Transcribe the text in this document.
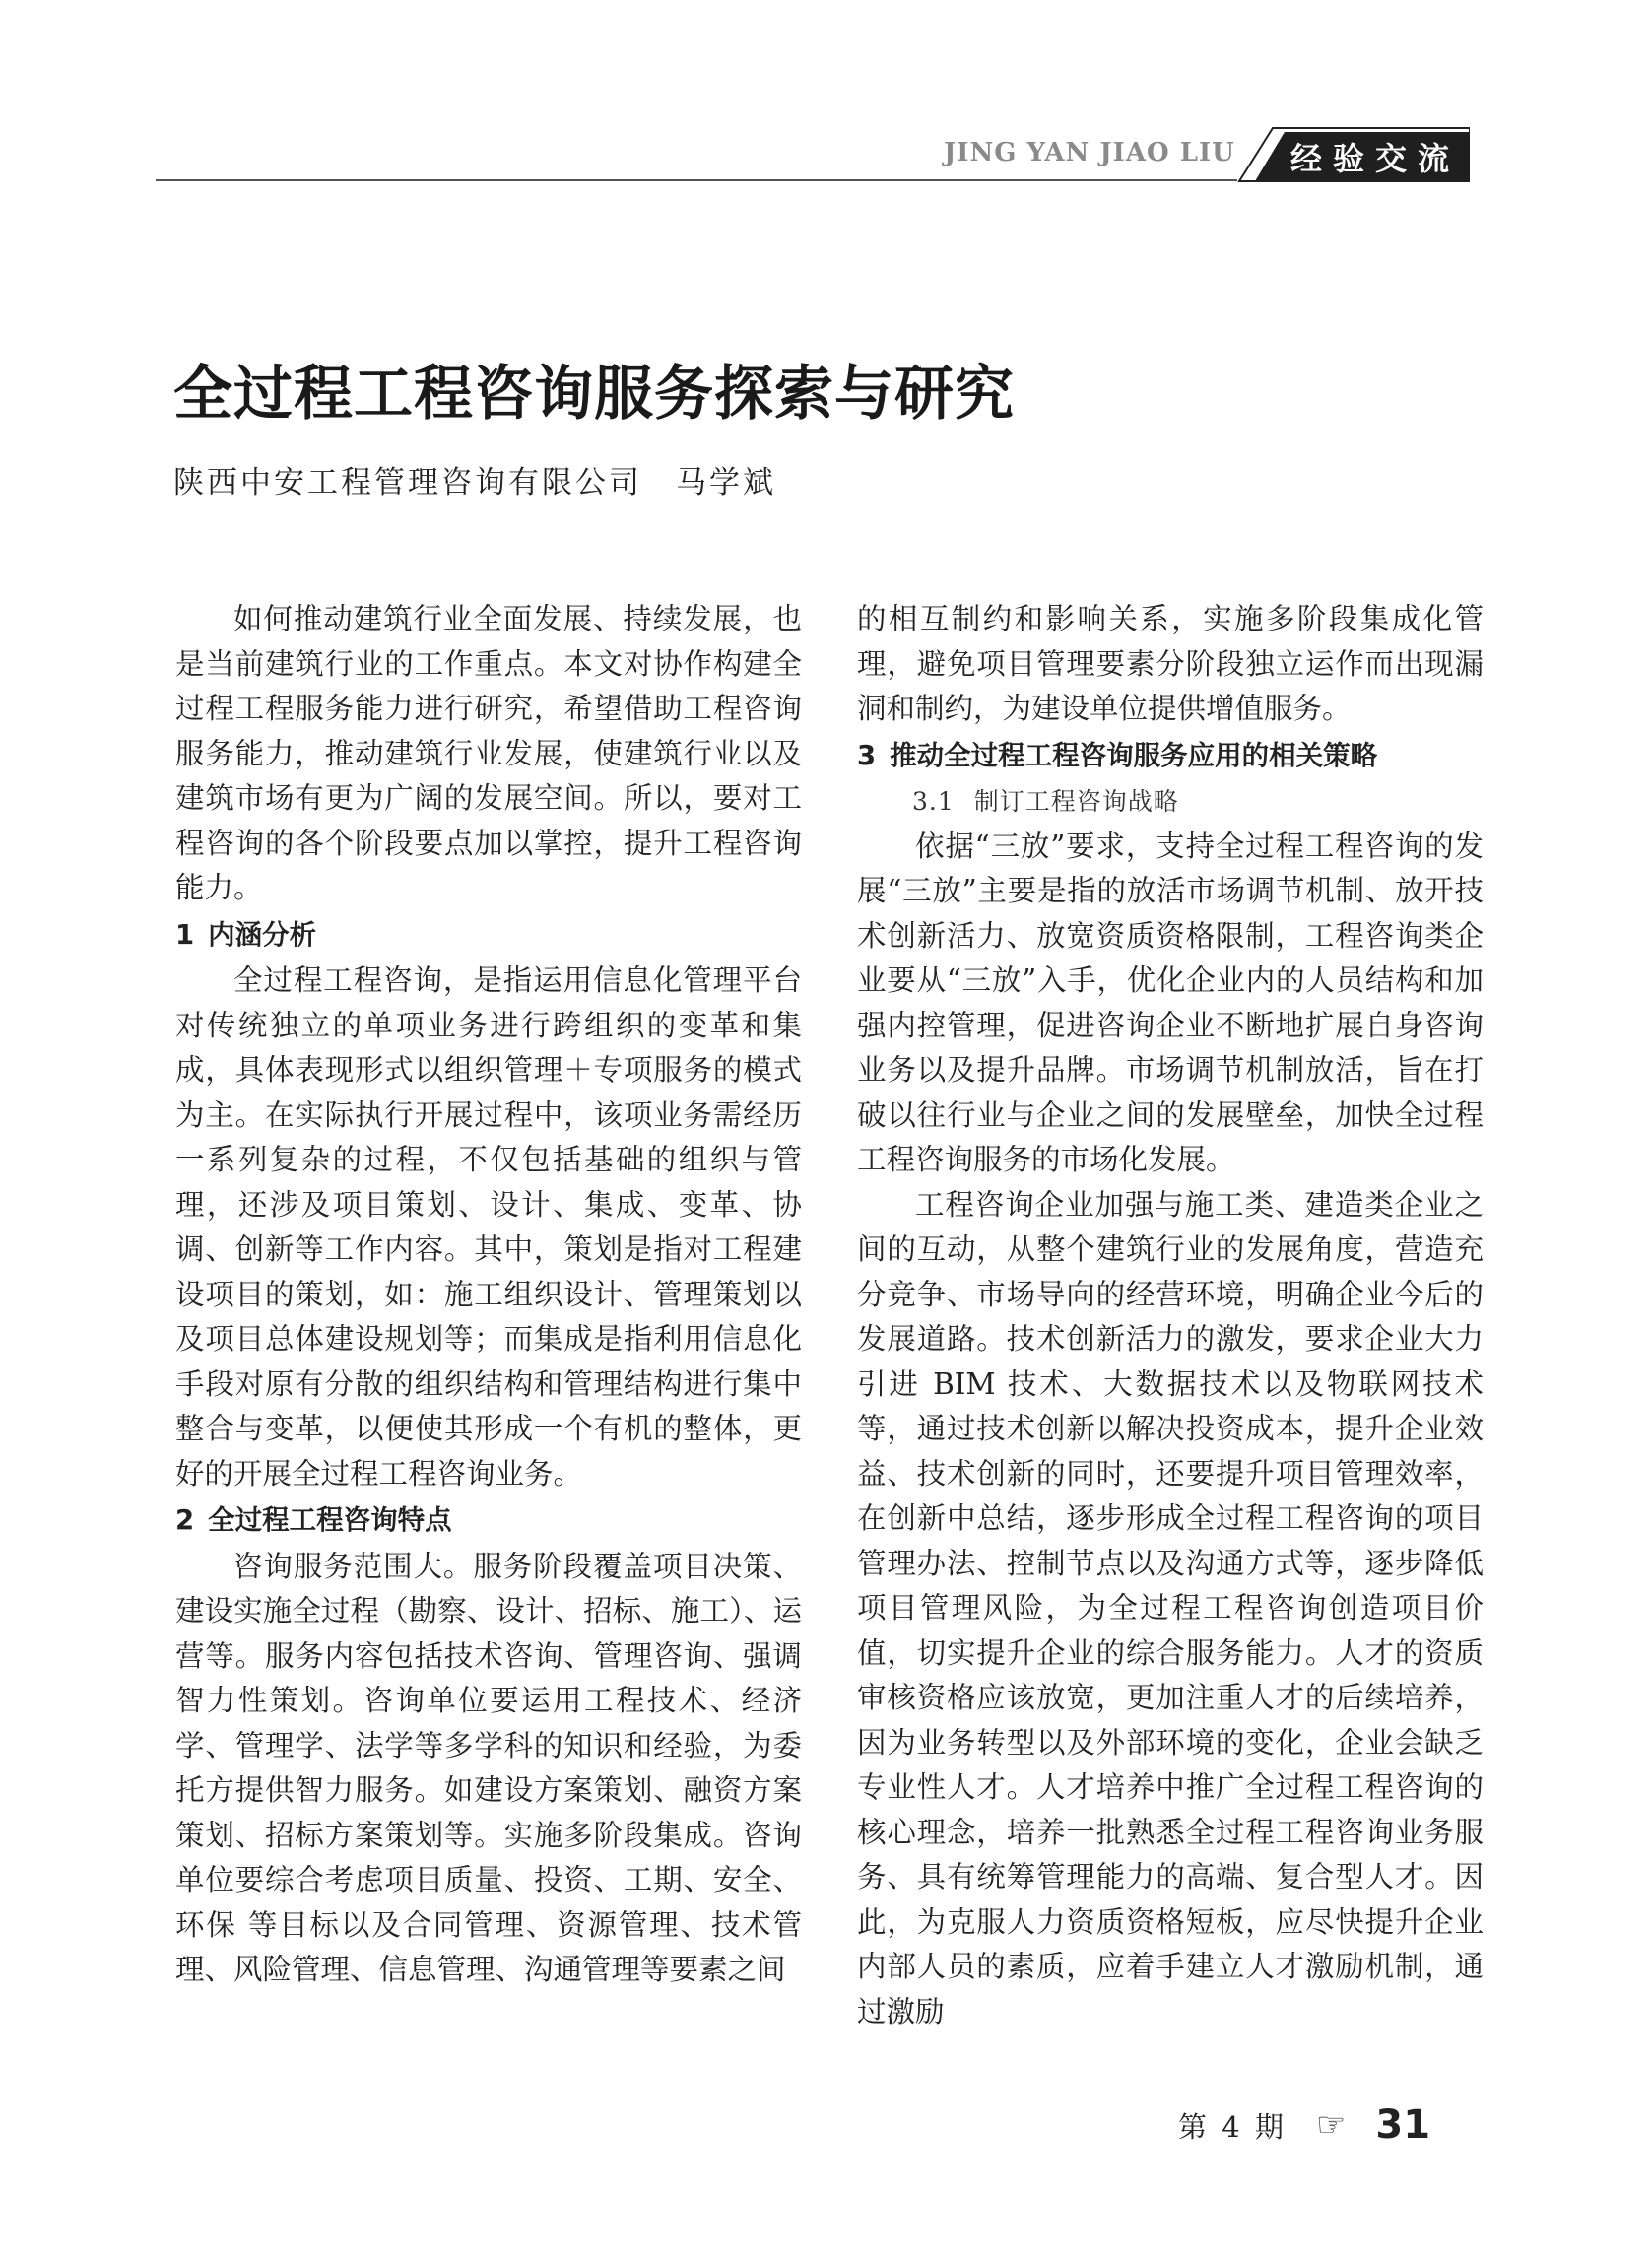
JING YAN JIAO LIU 经验交流
全过程工程咨询服务探索与研究
陕西中安工程管理咨询有限公司 马学斌

如何推动建筑行业全面发展、持续发展，也是当前建筑行业的工作重点。本文对协作构建全过程工程服务能力进行研究，希望借助工程咨询服务能力，推动建筑行业发展，使建筑行业以及建筑市场有更为广阔的发展空间。所以，要对工程咨询的各个阶段要点加以掌控，提升工程咨询能力。

1 内涵分析

全过程工程咨询，是指运用信息化管理平台对传统独立的单项业务进行跨组织的变革和集成，具体表现形式以组织管理＋专项服务的模式为主。在实际执行开展过程中，该项业务需经历一系列复杂的过程，不仅包括基础的组织与管理，还涉及项目策划、设计、集成、变革、协调、创新等工作内容。其中，策划是指对工程建设项目的策划，如：施工组织设计、管理策划以及项目总体建设规划等；而集成是指利用信息化手段对原有分散的组织结构和管理结构进行集中整合与变革，以便使其形成一个有机的整体，更好的开展全过程工程咨询业务。

2 全过程工程咨询特点

咨询服务范围大。服务阶段覆盖项目决策、建设实施全过程（勘察、设计、招标、施工）、运营等。服务内容包括技术咨询、管理咨询、强调智力性策划。咨询单位要运用工程技术、经济学、管理学、法学等多学科的知识和经验，为委托方提供智力服务。如建设方案策划、融资方案策划、招标方案策划等。实施多阶段集成。咨询单位要综合考虑项目质量、投资、工期、安全、环保 等目标以及合同管理、资源管理、技术管理、风险管理、信息管理、沟通管理等要素之间

的相互制约和影响关系，实施多阶段集成化管理，避免项目管理要素分阶段独立运作而出现漏洞和制约，为建设单位提供增值服务。

3 推动全过程工程咨询服务应用的相关策略
3.1 制订工程咨询战略

依据“三放”要求，支持全过程工程咨询的发展“三放”主要是指的放活市场调节机制、放开技术创新活力、放宽资质资格限制，工程咨询类企业要从“三放”入手，优化企业内的人员结构和加强内控管理，促进咨询企业不断地扩展自身咨询业务以及提升品牌。市场调节机制放活，旨在打破以往行业与企业之间的发展壁垒，加快全过程工程咨询服务的市场化发展。

工程咨询企业加强与施工类、建造类企业之间的互动，从整个建筑行业的发展角度，营造充分竞争、市场导向的经营环境，明确企业今后的发展道路。技术创新活力的激发，要求企业大力引进 BIM 技术、大数据技术以及物联网技术等，通过技术创新以解决投资成本，提升企业效益、技术创新的同时，还要提升项目管理效率，在创新中总结，逐步形成全过程工程咨询的项目管理办法、控制节点以及沟通方式等，逐步降低项目管理风险，为全过程工程咨询创造项目价值，切实提升企业的综合服务能力。人才的资质审核资格应该放宽，更加注重人才的后续培养，因为业务转型以及外部环境的变化，企业会缺乏专业性人才。人才培养中推广全过程工程咨询的核心理念，培养一批熟悉全过程工程咨询业务服务、具有统筹管理能力的高端、复合型人才。因此，为克服人力资质资格短板，应尽快提升企业内部人员的素质，应着手建立人才激励机制，通过激励

第 4 期 ☞ 31
